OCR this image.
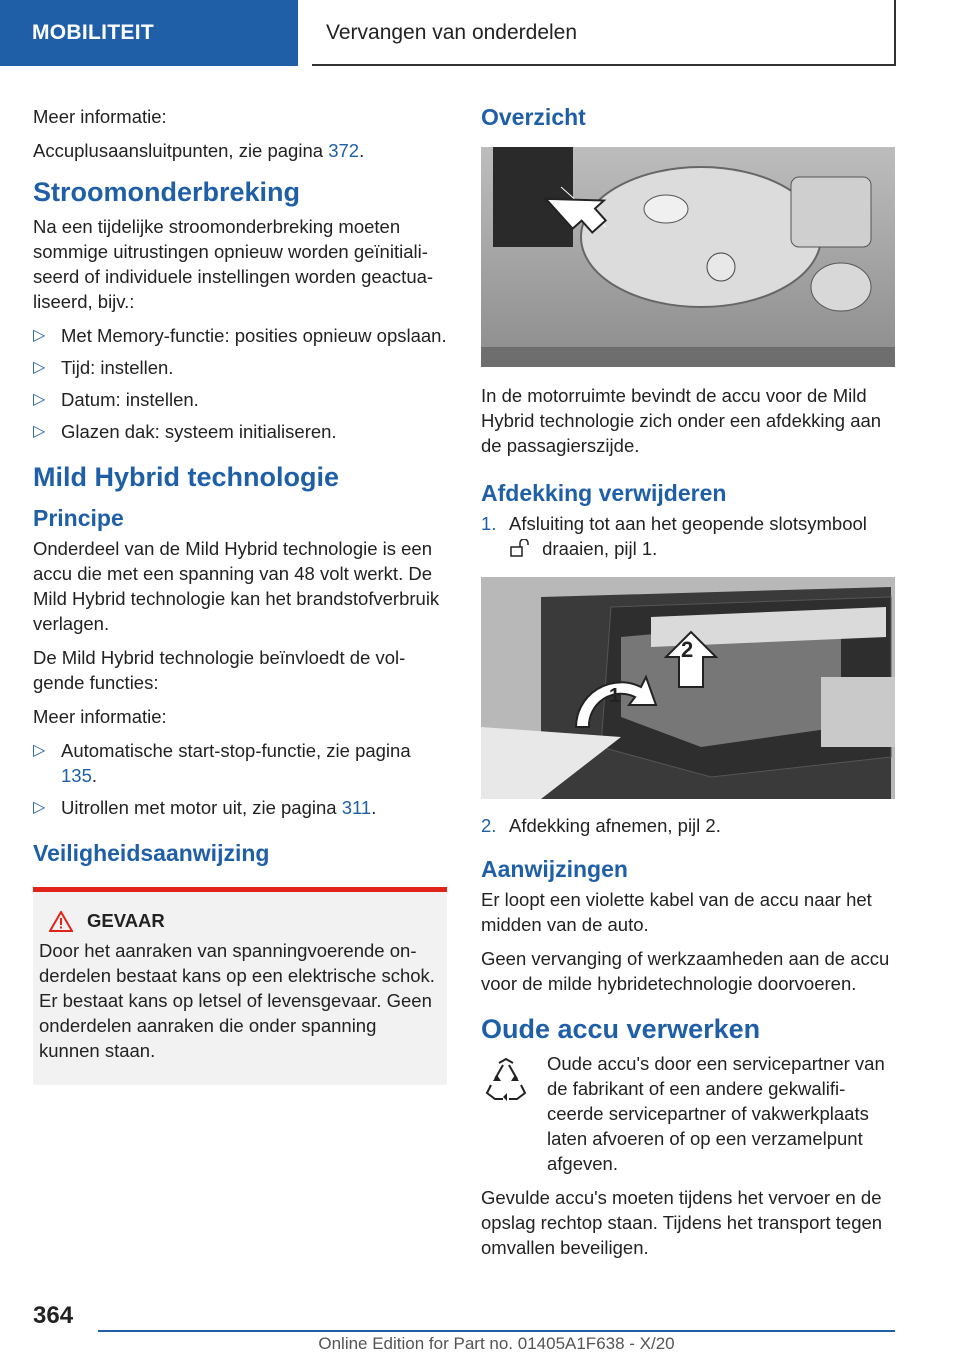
MOBILITEIT	Vervangen van onderdelen

Meer informatie:

Accuplusaansluitpunten, zie pagina 372.

Stroomonderbreking

Na een tijdelijke stroomonderbreking moeten sommige uitrustingen opnieuw worden geïnitialiseerd of individuele instellingen worden geactualiseerd, bijv.:

▷ Met Memory-functie: posities opnieuw opslaan.
▷ Tijd: instellen.
▷ Datum: instellen.
▷ Glazen dak: systeem initialiseren.
Mild Hybrid technologie
Principe

Onderdeel van de Mild Hybrid technologie is een accu die met een spanning van 48 volt werkt. De Mild Hybrid technologie kan het brandstofverbruik verlagen.

De Mild Hybrid technologie beïnvloedt de volgende functies:

Meer informatie:

▷ Automatische start-stop-functie, zie pagina 135.
▷ Uitrollen met motor uit, zie pagina 311.
Veiligheidsaanwijzing
GEVAAR

Door het aanraken van spanningvoerende onderdelen bestaat kans op een elektrische schok. Er bestaat kans op letsel of levensgevaar. Geen onderdelen aanraken die onder spanning kunnen staan.

Overzicht

In de motorruimte bevindt de accu voor de Mild Hybrid technologie zich onder een afdekking aan de passagierszijde.

Afdekking verwijderen
1. Afsluiting tot aan het geopende slotsymbool
draaien, pijl 1.
2
1
2. Afdekking afnemen, pijl 2.
Aanwijzingen

Er loopt een violette kabel van de accu naar het midden van de auto.

Geen vervanging of werkzaamheden aan de accu voor de milde hybridetechnologie doorvoeren.

Oude accu verwerken

Oude accu's door een servicepartner van de fabrikant of een andere gekwalificeerde servicepartner of vakwerkplaats laten afvoeren of op een verzamelpunt afgeven.

Gevulde accu's moeten tijdens het vervoer en de opslag rechtop staan. Tijdens het transport tegen omvallen beveiligen.

364
Online Edition for Part no. 01405A1F638 - X/20
